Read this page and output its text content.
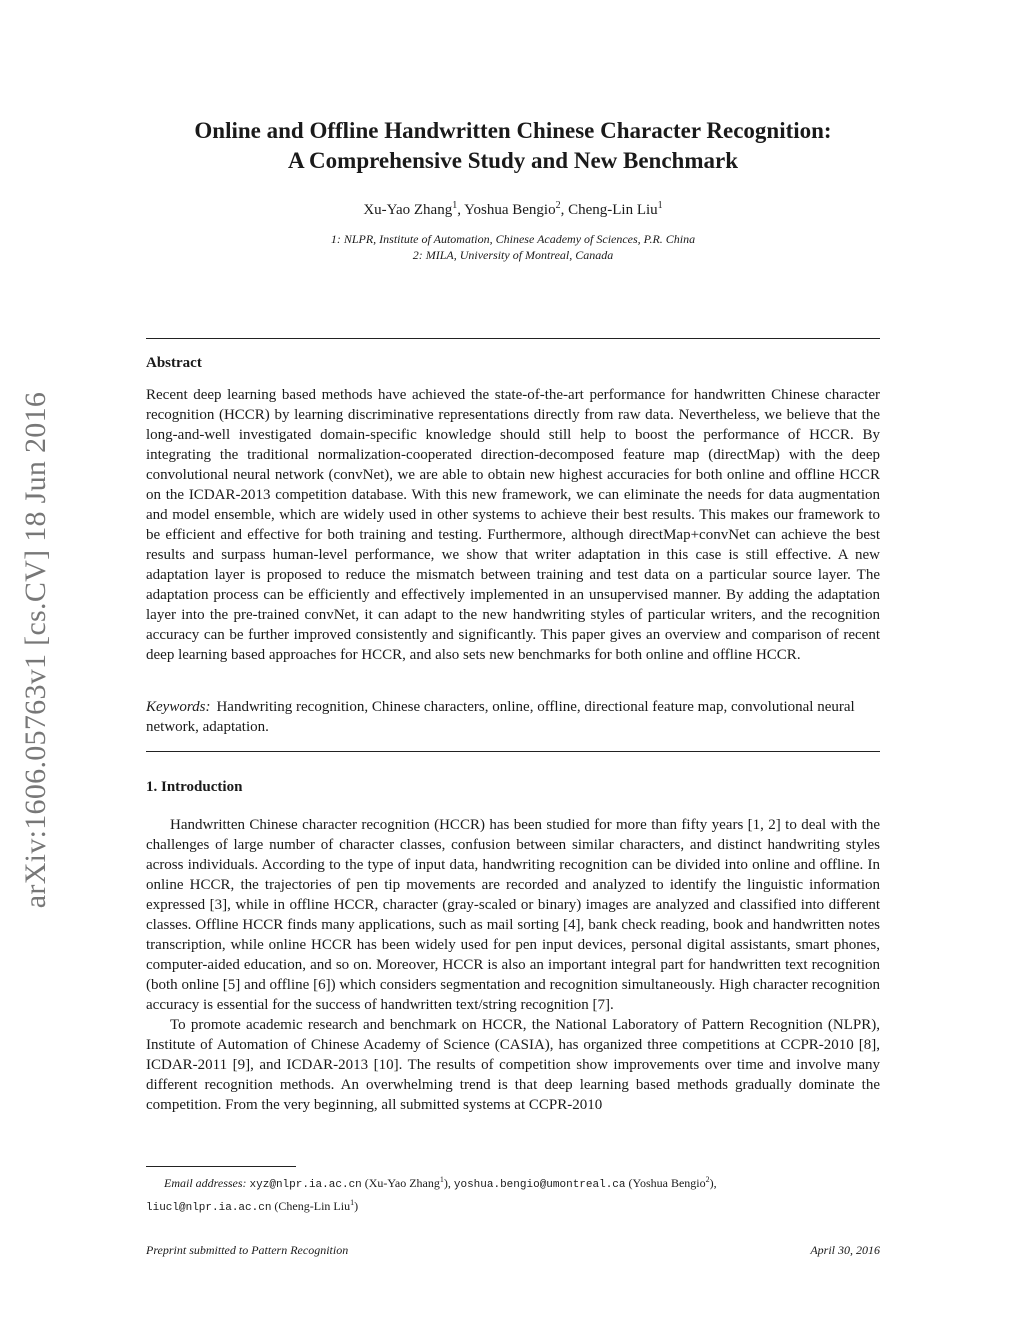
arXiv:1606.05763v1 [cs.CV] 18 Jun 2016
Online and Offline Handwritten Chinese Character Recognition:
A Comprehensive Study and New Benchmark
Xu-Yao Zhang$^1$, Yoshua Bengio$^2$, Cheng-Lin Liu$^1$
1: NLPR, Institute of Automation, Chinese Academy of Sciences, P.R. China
2: MILA, University of Montreal, Canada
Abstract
Recent deep learning based methods have achieved the state-of-the-art performance for handwritten Chinese character recognition (HCCR) by learning discriminative representations directly from raw data. Nevertheless, we believe that the long-and-well investigated domain-specific knowledge should still help to boost the performance of HCCR. By integrating the traditional normalization-cooperated direction-decomposed feature map (directMap) with the deep convolutional neural network (convNet), we are able to obtain new highest accuracies for both online and offline HCCR on the ICDAR-2013 competition database. With this new framework, we can eliminate the needs for data augmentation and model ensemble, which are widely used in other systems to achieve their best results. This makes our framework to be efficient and effective for both training and testing. Furthermore, although directMap+convNet can achieve the best results and surpass human-level performance, we show that writer adaptation in this case is still effective. A new adaptation layer is proposed to reduce the mismatch between training and test data on a particular source layer. The adaptation process can be efficiently and effectively implemented in an unsupervised manner. By adding the adaptation layer into the pre-trained convNet, it can adapt to the new handwriting styles of particular writers, and the recognition accuracy can be further improved consistently and significantly. This paper gives an overview and comparison of recent deep learning based approaches for HCCR, and also sets new benchmarks for both online and offline HCCR.
Keywords: Handwriting recognition, Chinese characters, online, offline, directional feature map, convolutional neural network, adaptation.
1. Introduction

Handwritten Chinese character recognition (HCCR) has been studied for more than fifty years [1, 2] to deal with the challenges of large number of character classes, confusion between similar characters, and distinct handwriting styles across individuals. According to the type of input data, handwriting recognition can be divided into online and offline. In online HCCR, the trajectories of pen tip movements are recorded and analyzed to identify the linguistic information expressed [3], while in offline HCCR, character (gray-scaled or binary) images are analyzed and classified into different classes. Offline HCCR finds many applications, such as mail sorting [4], bank check reading, book and handwritten notes transcription, while online HCCR has been widely used for pen input devices, personal digital assistants, smart phones, computer-aided education, and so on. Moreover, HCCR is also an important integral part for handwritten text recognition (both online [5] and offline [6]) which considers segmentation and recognition simultaneously. High character recognition accuracy is essential for the success of handwritten text/string recognition [7].

To promote academic research and benchmark on HCCR, the National Laboratory of Pattern Recognition (NLPR), Institute of Automation of Chinese Academy of Science (CASIA), has organized three competitions at CCPR-2010 [8], ICDAR-2011 [9], and ICDAR-2013 [10]. The results of competition show improvements over time and involve many different recognition methods. An overwhelming trend is that deep learning based methods gradually dominate the competition. From the very beginning, all submitted systems at CCPR-2010

Email addresses: xyz@nlpr.ia.ac.cn (Xu-Yao Zhang$^1$), yoshua.bengio@umontreal.ca (Yoshua Bengio$^2$),
liucl@nlpr.ia.ac.cn (Cheng-Lin Liu$^1$)
Preprint submitted to Pattern Recognition	April 30, 2016
